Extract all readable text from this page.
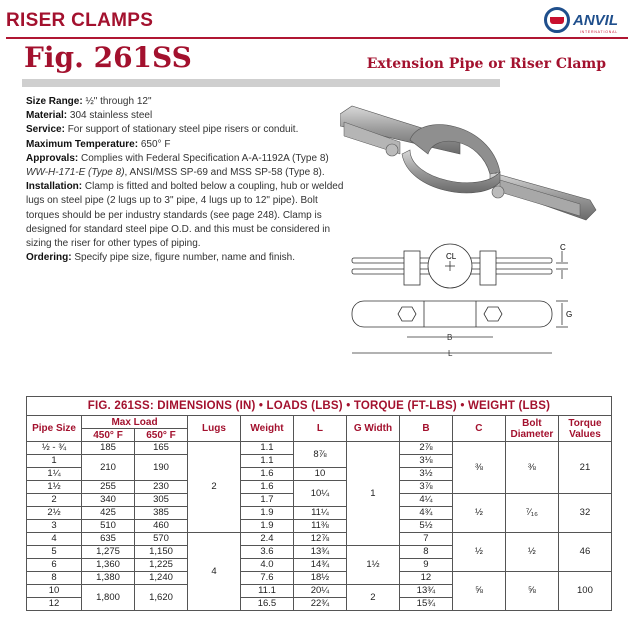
RISER CLAMPS	ANVIL
INTERNATIONAL
Fig. 261SS	Extension Pipe or Riser Clamp
Size Range: ½" through 12"
Material: 304 stainless steel
Service: For support of stationary steel pipe risers or conduit.
Maximum Temperature: 650° F
Approvals: Complies with Federal Specification A-A-1192A (Type 8)
WW-H-171-E (Type 8), ANSI/MSS SP-69 and MSS SP-58 (Type 8).
Installation: Clamp is fitted and bolted below a coupling, hub or welded lugs on steel pipe (2 lugs up to 3" pipe, 4 lugs up to 12" pipe). Bolt torques should be per industry standards (see page 248). Clamp is designed for standard steel pipe O.D. and this must be considered in sizing the riser for other types of piping.
Ordering: Specify pipe size, figure number, name and finish.	CL
C
G
B
L
FIG. 261SS: DIMENSIONS (IN) • LOADS (LBS) • TORQUE (FT-LBS) • WEIGHT (LBS)										
Pipe Size	Max Load		Lugs	Weight	L	G Width	B	C	Bolt Diameter	Torque Values
	450° F	650° F								
½ - ¾	185	165	2	1.1	8⅞	1	2⅞	⅜	⅜	21
1	210	190		1.1			3⅛			
1¼				1.6	10		3½			
1½	255	230		1.6	10¼		3⅞			
2	340	305		1.7			4¼	½	⁷⁄₁₆	32
2½	425	385		1.9	11¼		4¾			
3	510	460		1.9	11⅜		5½			
4	635	570	4	2.4	12⅞		7	½	½	46
5	1,275	1,150		3.6	13¾	1½	8			
6	1,360	1,225		4.0	14¾		9			
8	1,380	1,240		7.6	18½		12	⅝	⅝	100
10	1,800	1,620		11.1	20¼	2	13¾			
12				16.5	22¾		15¾			
